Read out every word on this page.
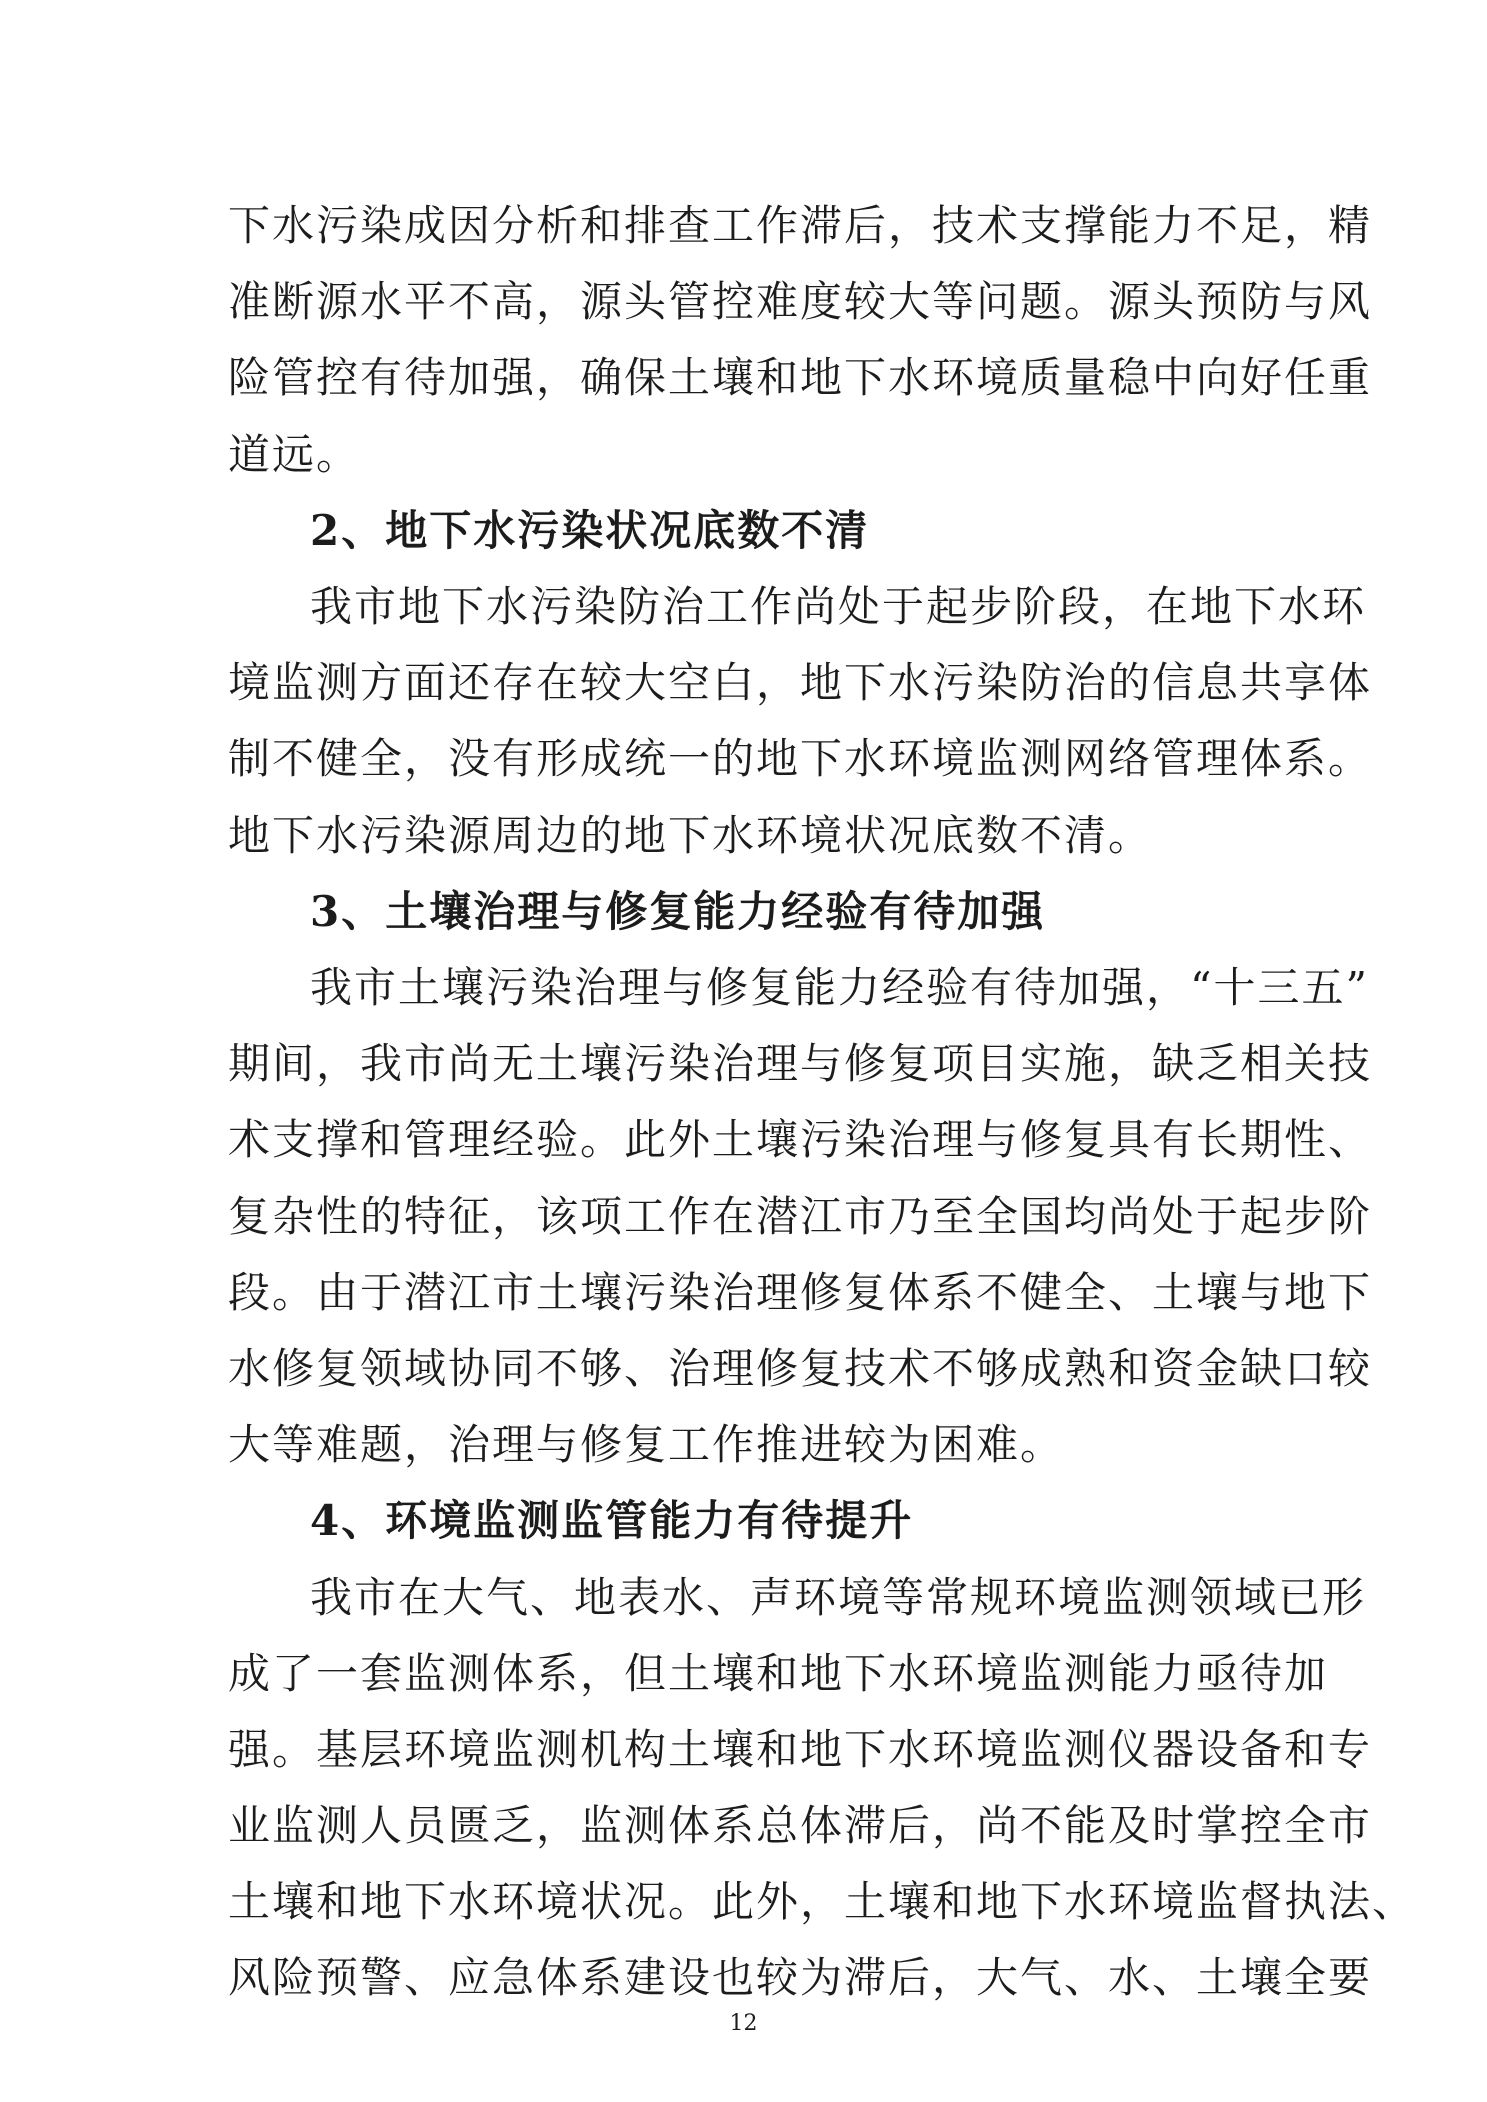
下水污染成因分析和排查工作滞后，技术支撑能力不足，精
准断源水平不高，源头管控难度较大等问题。源头预防与风
险管控有待加强，确保土壤和地下水环境质量稳中向好任重
道远。
2、地下水污染状况底数不清
我市地下水污染防治工作尚处于起步阶段，在地下水环
境监测方面还存在较大空白，地下水污染防治的信息共享体
制不健全，没有形成统一的地下水环境监测网络管理体系。
地下水污染源周边的地下水环境状况底数不清。
3、土壤治理与修复能力经验有待加强
我市土壤污染治理与修复能力经验有待加强，“十三五”
期间，我市尚无土壤污染治理与修复项目实施，缺乏相关技
术支撑和管理经验。此外土壤污染治理与修复具有长期性、
复杂性的特征，该项工作在潜江市乃至全国均尚处于起步阶
段。由于潜江市土壤污染治理修复体系不健全、土壤与地下
水修复领域协同不够、治理修复技术不够成熟和资金缺口较
大等难题，治理与修复工作推进较为困难。
4、环境监测监管能力有待提升
我市在大气、地表水、声环境等常规环境监测领域已形
成了一套监测体系，但土壤和地下水环境监测能力亟待加
强。基层环境监测机构土壤和地下水环境监测仪器设备和专
业监测人员匮乏，监测体系总体滞后，尚不能及时掌控全市
土壤和地下水环境状况。此外，土壤和地下水环境监督执法、
风险预警、应急体系建设也较为滞后，大气、水、土壤全要
12
